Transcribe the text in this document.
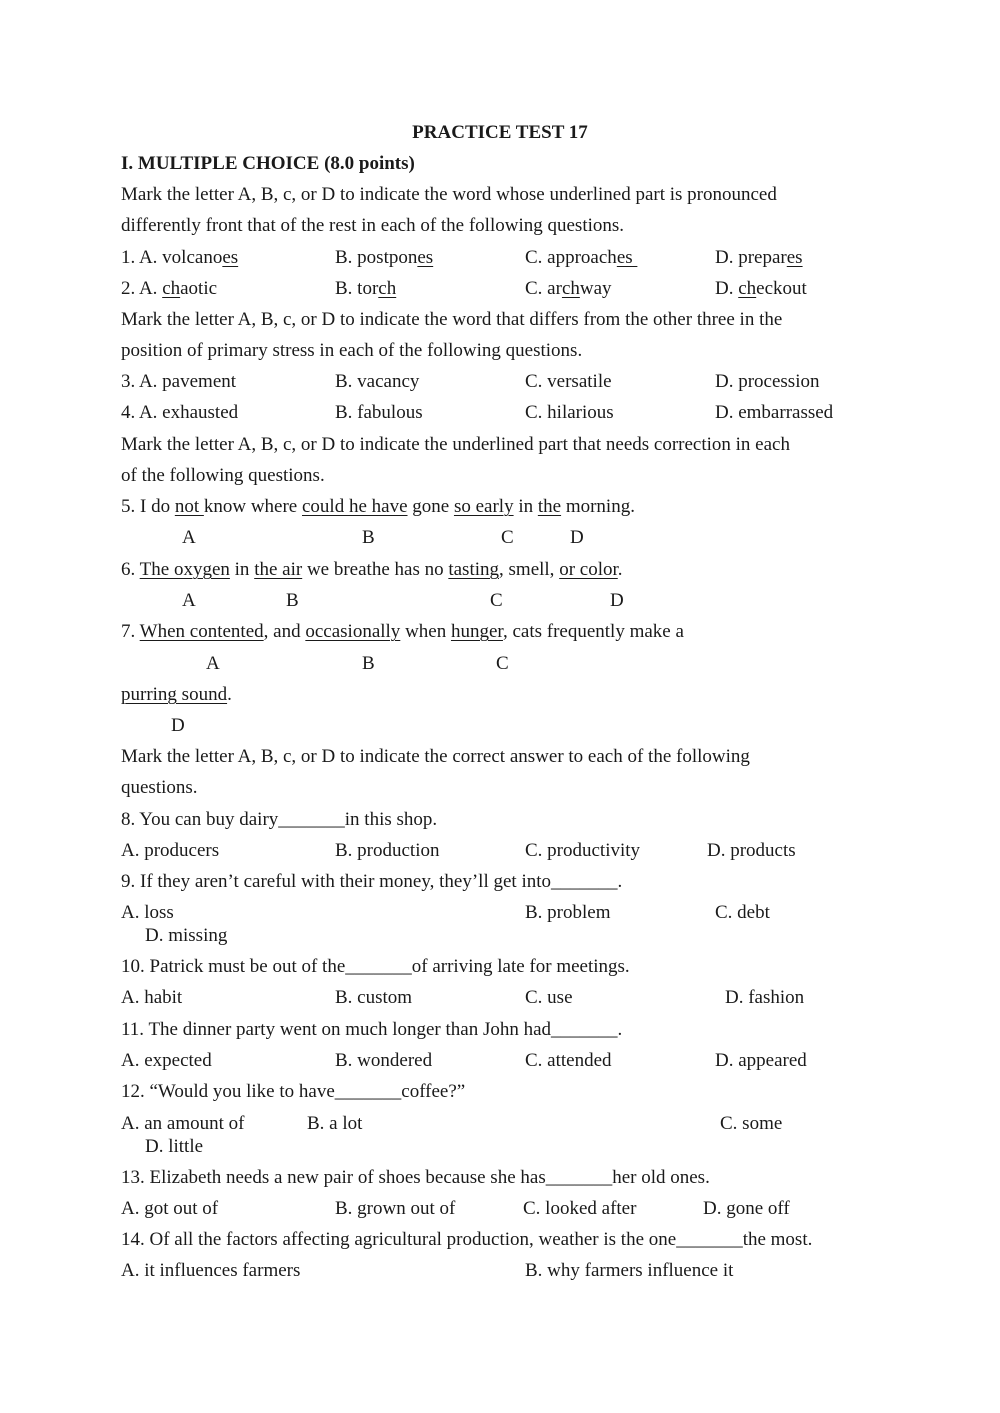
PRACTICE TEST 17
I. MULTIPLE CHOICE (8.0 points)
Mark the letter A, B, c, or D to indicate the word whose underlined part is pronounced
differently front that of the rest in each of the following questions.
1. A. volcanoes	B. postpones	C. approaches	D. prepares
2. A. chaotic	B. torch	C. archway	D. checkout
Mark the letter A, B, c, or D to indicate the word that differs from the other three in the
position of primary stress in each of the following questions.
3. A. pavement	B. vacancy	C. versatile	D. procession
4. A. exhausted	B. fabulous	C. hilarious	D. embarrassed
Mark the letter A, B, c, or D to indicate the underlined part that needs correction in each
of the following questions.
5. I do not know where could he have gone so early in the morning.
A	B	C	D
6. The oxygen in the air we breathe has no tasting, smell, or color.
A	B	C	D
7. When contented, and occasionally when hunger, cats frequently make a
A	B	C
purring sound.
D
Mark the letter A, B, c, or D to indicate the correct answer to each of the following
questions.
8. You can buy dairy_______in this shop.
A. producers	B. production	C. productivity	D. products
9. If they aren’t careful with their money, they’ll get into_______.
A. loss	B. problem	C. debt
D. missing
10. Patrick must be out of the_______of arriving late for meetings.
A. habit	B. custom	C. use	D. fashion
11. The dinner party went on much longer than John had_______.
A. expected	B. wondered	C. attended	D. appeared
12. “Would you like to have_______coffee?”
A. an amount of	B. a lot	C. some
D. little
13. Elizabeth needs a new pair of shoes because she has_______her old ones.
A. got out of	B. grown out of	C. looked after	D. gone off
14. Of all the factors affecting agricultural production, weather is the one_______the most.
A. it influences farmers	B. why farmers influence it
